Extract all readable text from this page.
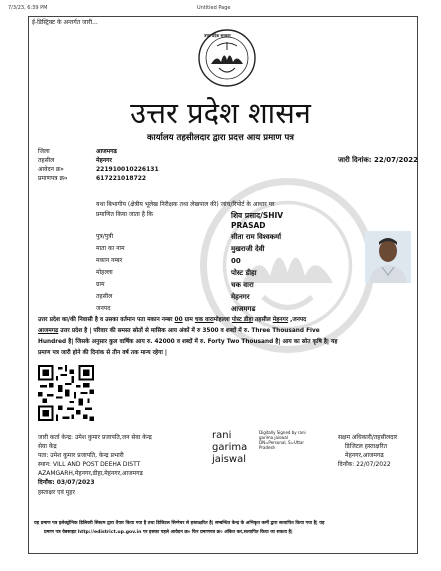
7/3/23, 6:39 PM	Untitled Page
ई-डिस्ट्रिक्ट के अन्तर्गत जारी...
उत्तर प्रदेश सरकार
उत्तर प्रदेश शासन
कार्यालय तहसीलदार द्वारा प्रदत्त आय प्रमाण पत्र
जिला	आजमगढ
तहसील	मेहनगर
आवेदन क्र०	221910010226131
प्रमाणपत्र क्र०	617221018722
जारी दिनांक: 22/07/2022
यथा बिभागीय (क्षेत्रीय भूलेख निरीक्षक तथा लेखपाल की) जांच/रिपोर्ट के आधार पर
प्रमाणित किया जाता है कि	शिव प्रसाद/SHIV
PRASAD
पुत्र/पुत्री	सीता राम विश्वकर्मा
माता का नाम	मुखराजी देवी
मकान नम्बर	00
मोहल्ला	पोस्ट डीहा
ग्राम	चक वारा
तहसील	मेहनगर
जनपद	आजमगढ
उत्तर प्रदेश का/की निवासी है व उसका वर्तमान पता मकान नम्बर 00 ग्राम चक वारामोहल्ला पोस्ट डीहा तहसील मेहनगर ,जनपद
आजमगढ उत्तर प्रदेश है | परिवार की समस्त स्रोतों से मासिक आय अंकों में रु 3500 व शब्दों में रु. Three Thousand Five
Hundred है| जिसके अनुसार कुल वार्षिक आय रु. 42000 व शब्दों में रु. Forty Two Thousand है| आय का स्रोत कृषि है| यह
प्रमाण पत्र जारी होने की दिनांक से तीन वर्ष तक मान्य रहेगा |
जारी कर्ता केन्द्र: उमेश कुमार प्रजापति,जन सेवा केन्द्र
सेवा केंद्र
पता: उमेश कुमार प्रजापति, केन्द्र प्रभारी
स्थान: VILL AND POST DEEHA DISTT
AZAMGARH,मेहनगर,डीहा,मेहनगर,आजमगढ
दिनाँक: 03/07/2023
हस्ताक्षर एवं मुहर
rani
garima
jaiswal
Digitally Signed by rani
garima jaiswal
DN=Personal, S=Uttar
Pradesh
सक्षम अधिकारी/तहसीलदार
डिजिटल हस्ताक्षरित
मेहनगर,आजमगढ
दिनाँक: 22/07/2022
यह प्रमाण पत्र इलेक्ट्रोनिक डिलिवरी सिस्टम द्वारा तैयार किया गया है तथा डिजिटल सिग्नेचर से हस्ताक्षरित है| सम्बन्धित केन्द्र के अभिकृत कर्मी द्वारा सत्यापित किया गया है| यह
प्रमाण पत्र वेबसाइट http://edistrict.up.gov.in पर इसका पहले आवेदन क्र० फिर प्रमाणपत्र क्र० अंकित कर,सत्यापित किया जा सकता है|
